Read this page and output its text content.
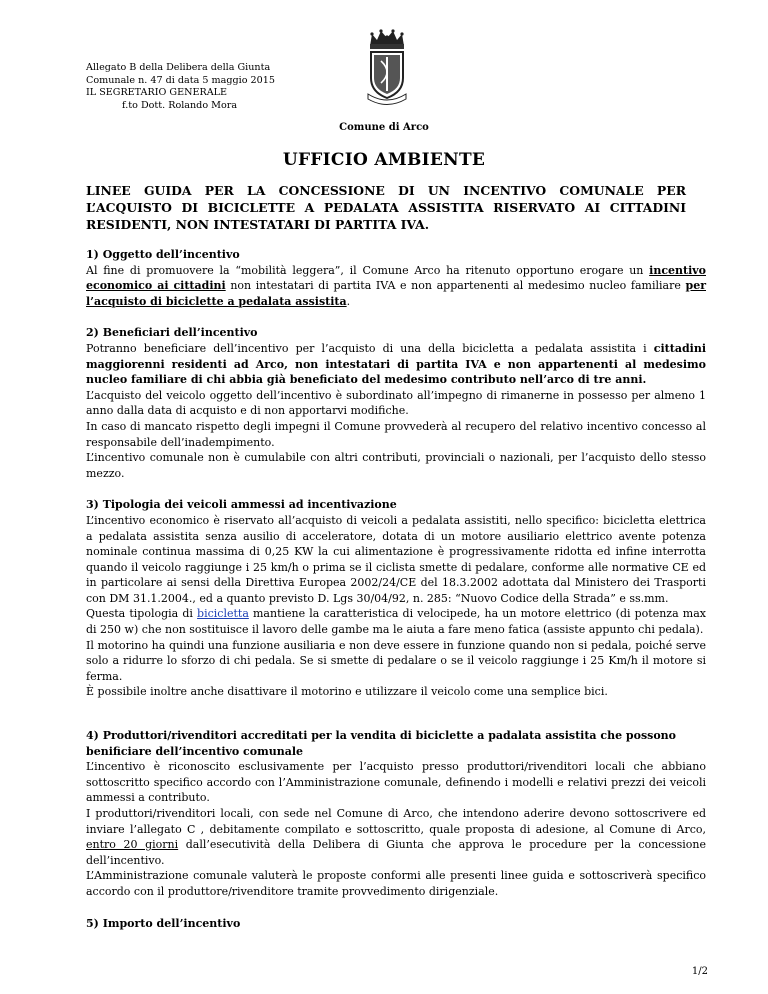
Allegato B della Delibera della Giunta
Comunale n. 47 di data 5 maggio 2015
IL SEGRETARIO GENERALE
f.to Dott. Rolando Mora
Comune di Arco
UFFICIO AMBIENTE
LINEE GUIDA PER LA CONCESSIONE DI UN INCENTIVO COMUNALE PER L’ACQUISTO DI BICICLETTE A PEDALATA ASSISTITA RISERVATO AI CITTADINI RESIDENTI, NON INTESTATARI DI PARTITA IVA.
1) Oggetto dell’incentivo

Al fine di promuovere la “mobilità leggera”, il Comune Arco ha ritenuto opportuno erogare un incentivo economico ai cittadini non intestatari di partita IVA e non appartenenti al medesimo nucleo familiare per l’acquisto di biciclette a pedalata assistita.

2) Beneficiari dell’incentivo

Potranno beneficiare dell’incentivo per l’acquisto di una della bicicletta a pedalata assistita i cittadini maggiorenni residenti ad Arco, non intestatari di partita IVA e non appartenenti al medesimo nucleo familiare di chi abbia già beneficiato del medesimo contributo nell’arco di tre anni.

L’acquisto del veicolo oggetto dell’incentivo è subordinato all’impegno di rimanerne in possesso per almeno 1 anno dalla data di acquisto e di non apportarvi modifiche.

In caso di mancato rispetto degli impegni il Comune provvederà al recupero del relativo incentivo concesso al responsabile dell’inadempimento.

L’incentivo comunale non è cumulabile con altri contributi, provinciali o nazionali, per l’acquisto dello stesso mezzo.

3) Tipologia dei veicoli ammessi ad incentivazione

L’incentivo economico è riservato all’acquisto di veicoli a pedalata assistiti, nello specifico: bicicletta elettrica a pedalata assistita senza ausilio di acceleratore, dotata di un motore ausiliario elettrico avente potenza nominale continua massima di 0,25 KW la cui alimentazione è progressivamente ridotta ed infine interrotta quando il veicolo raggiunge i 25 km/h o prima se il ciclista smette di pedalare, conforme alle normative CE ed in particolare ai sensi della Direttiva Europea 2002/24/CE del 18.3.2002 adottata dal Ministero dei Trasporti con DM 31.1.2004., ed a quanto previsto D. Lgs 30/04/92, n. 285: “Nuovo Codice della Strada” e ss.mm.

Questa tipologia di bicicletta mantiene la caratteristica di velocipede, ha un motore elettrico (di potenza max di 250 w) che non sostituisce il lavoro delle gambe ma le aiuta a fare meno fatica (assiste appunto chi pedala).

Il motorino ha quindi una funzione ausiliaria e non deve essere in funzione quando non si pedala, poiché serve solo a ridurre lo sforzo di chi pedala. Se si smette di pedalare o se il veicolo raggiunge i 25 Km/h il motore si ferma.

È possibile inoltre anche disattivare il motorino e utilizzare il veicolo come una semplice bici.

4) Produttori/rivenditori accreditati per la vendita di biciclette a padalata assistita che possono benificiare dell’incentivo comunale

L’incentivo è riconoscito esclusivamente per l’acquisto presso produttori/rivenditori locali che abbiano sottoscritto specifico accordo con l’Amministrazione comunale, definendo i modelli e relativi prezzi dei veicoli ammessi a contributo.

I produttori/rivenditori locali, con sede nel Comune di Arco, che intendono aderire devono sottoscrivere ed inviare l’allegato C , debitamente compilato e sottoscritto, quale proposta di adesione, al Comune di Arco, entro 20 giorni dall’esecutività della Delibera di Giunta che approva le procedure per la concessione dell’incentivo.

L’Amministrazione comunale valuterà le proposte conformi alle presenti linee guida e sottoscriverà specifico accordo con il produttore/rivenditore tramite provvedimento dirigenziale.

5) Importo dell’incentivo
1/2
